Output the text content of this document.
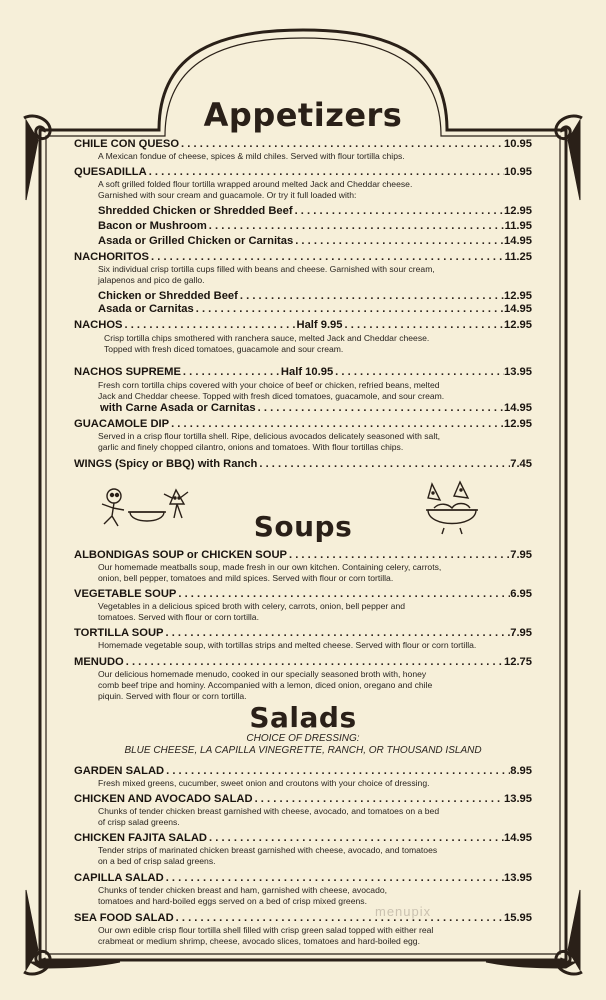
Appetizers
CHILE CON QUESO . . .	10.95
A Mexican fondue of cheese, spices & mild chiles. Served with flour tortilla chips.
QUESADILLA . . .	10.95
A soft grilled folded flour tortilla wrapped around melted Jack and Cheddar cheese.
Garnished with sour cream and guacamole. Or try it full loaded with:
Shredded Chicken or Shredded Beef . . .	12.95
Bacon or Mushroom . . .	11.95
Asada or Grilled Chicken or Carnitas . . .	14.95
NACHORITOS . . .	11.25
Six individual crisp tortilla cups filled with beans and cheese. Garnished with sour cream,
jalapenos and pico de gallo.
Chicken or Shredded Beef . . .	12.95
Asada or Carnitas . . .	14.95
NACHOS . . .	Half 9.95 . . .	12.95
Crisp tortilla chips smothered with ranchera sauce, melted Jack and Cheddar cheese.
Topped with fresh diced tomatoes, guacamole and sour cream.
NACHOS SUPREME . . .	Half 10.95 . . .	13.95
Fresh corn tortilla chips covered with your choice of beef or chicken, refried beans, melted
Jack and Cheddar cheese. Topped with fresh diced tomatoes, guacamole, and sour cream.
with Carne Asada or Carnitas . . .	14.95
GUACAMOLE DIP . . .	12.95
Served in a crisp flour tortilla shell. Ripe, delicious avocados delicately seasoned with salt,
garlic and finely chopped cilantro, onions and tomatoes. With flour tortillas chips.
WINGS (Spicy or BBQ) with Ranch . . .	7.45
Soups
ALBONDIGAS SOUP or CHICKEN SOUP . . .	7.95
Our homemade meatballs soup, made fresh in our own kitchen. Containing celery, carrots,
onion, bell pepper, tomatoes and mild spices. Served with flour or corn tortilla.
VEGETABLE SOUP . . .	6.95
Vegetables in a delicious spiced broth with celery, carrots, onion, bell pepper and
tomatoes. Served with flour or corn tortilla.
TORTILLA SOUP . . .	7.95
Homemade vegetable soup, with tortillas strips and melted cheese. Served with flour or corn tortilla.
MENUDO . . .	12.75
Our delicious homemade menudo, cooked in our specially seasoned broth with, honey
comb beef tripe and hominy. Accompanied with a lemon, diced onion, oregano and chile
piquin. Served with flour or corn tortilla.
Salads
CHOICE OF DRESSING:
BLUE CHEESE, LA CAPILLA VINEGRETTE, RANCH, OR THOUSAND ISLAND
GARDEN SALAD . . .	8.95
Fresh mixed greens, cucumber, sweet onion and croutons with your choice of dressing.
CHICKEN AND AVOCADO SALAD . . .	13.95
Chunks of tender chicken breast garnished with cheese, avocado, and tomatoes on a bed
of crisp salad greens.
CHICKEN FAJITA SALAD . . .	14.95
Tender strips of marinated chicken breast garnished with cheese, avocado, and tomatoes
on a bed of crisp salad greens.
CAPILLA SALAD . . .	13.95
Chunks of tender chicken breast and ham, garnished with cheese, avocado,
tomatoes and hard-boiled eggs served on a bed of crisp mixed greens.
SEA FOOD SALAD . . .	15.95
Our own edible crisp flour tortilla shell filled with crisp green salad topped with either real
crabmeat or medium shrimp, cheese, avocado slices, tomatoes and hard-boiled egg.
menupix
